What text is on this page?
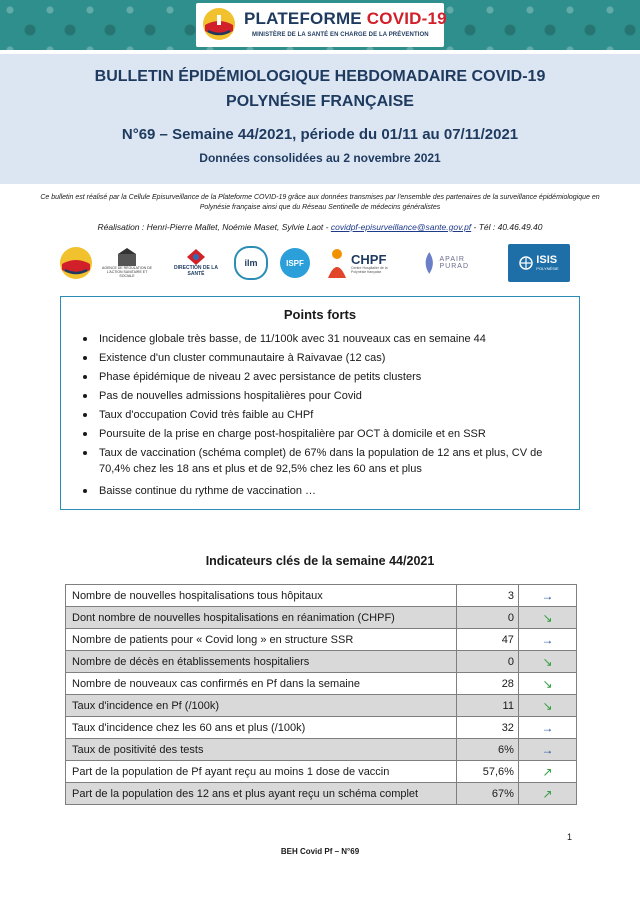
PLATEFORME COVID-19
MINISTÈRE DE LA SANTÉ EN CHARGE DE LA PRÉVENTION
BULLETIN ÉPIDÉMIOLOGIQUE HEBDOMADAIRE COVID-19
POLYNÉSIE FRANÇAISE
N°69 – Semaine 44/2021, période du 01/11 au 07/11/2021
Données consolidées au 2 novembre 2021
Ce bulletin est réalisé par la Cellule Episurveillance de la Plateforme COVID-19 grâce aux données transmises par l'ensemble des partenaires de la surveillance épidémiologique en Polynésie française ainsi que du Réseau Sentinelle de médecins généralistes
Réalisation : Henri-Pierre Mallet, Noémie Maset, Sylvie Laot - covidpf-episurveillance@sante.gov.pf - Tél : 40.46.49.40
AGENCE DE RÉGULATION DE L'ACTION SANITAIRE ET SOCIALE
DIRECTION DE LA SANTÉ
ilm	ISPF	CHPF
Centre Hospitalier de la Polynésie française
APAIR PURAD
ISIS
POLYNÉSIE
Points forts
Incidence globale très basse, de 11/100k avec 31 nouveaux cas en semaine 44
Existence d'un cluster communautaire à Raivavae (12 cas)
Phase épidémique de niveau 2 avec persistance de petits clusters
Pas de nouvelles admissions hospitalières pour Covid
Taux d'occupation Covid très faible au CHPf
Poursuite de la prise en charge post-hospitalière par OCT à domicile et en SSR
Taux de vaccination (schéma complet) de 67% dans la population de 12 ans et plus, CV de 70,4% chez les 18 ans et plus et de 92,5% chez les 60 ans et plus
Baisse continue du rythme de vaccination …
Indicateurs clés de la semaine 44/2021
Nombre de nouvelles hospitalisations tous hôpitaux	3	→
Dont nombre de nouvelles hospitalisations en réanimation (CHPF)	0	↘
Nombre de patients pour « Covid long » en structure SSR	47	→
Nombre de décès en établissements hospitaliers	0	↘
Nombre de nouveaux cas confirmés en Pf dans la semaine	28	↘
Taux d'incidence en Pf (/100k)	11	↘
Taux d'incidence chez les 60 ans et plus (/100k)	32	→
Taux de positivité des tests	6%	→
Part de la population de Pf ayant reçu au moins 1 dose de vaccin	57,6%	↗
Part de la population des 12 ans et plus ayant reçu un schéma complet	67%	↗
1
BEH Covid Pf – N°69
